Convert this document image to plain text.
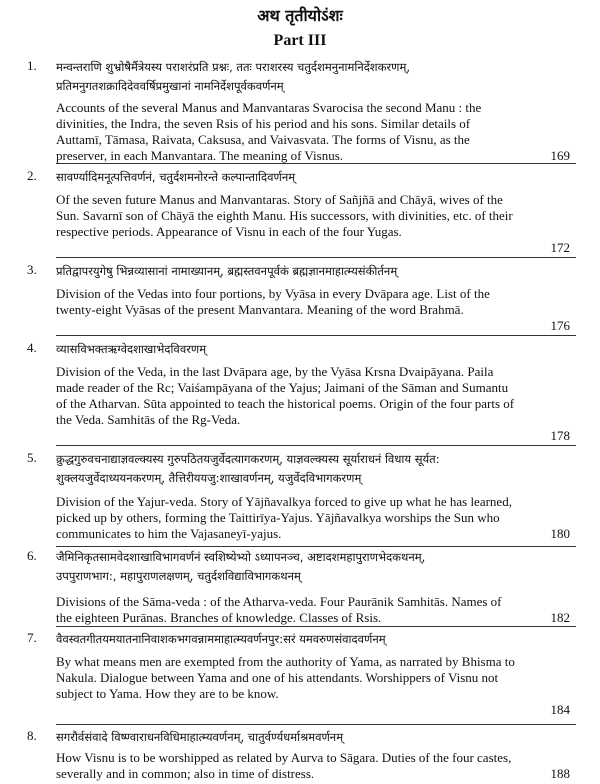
अथ तृतीयोऽंशः
Part III
1. मन्वन्तराणि शुभ्रोषैर्मैत्रेयस्य पराशरंप्रति प्रश्नः, ततः पराशरस्य चतुर्दशमनुनामनिर्देशकरणम्,
प्रतिमनुगतशक्रादिदेववर्षिप्रमुखानां नामनिर्देशपूर्वकवर्णनम्
Accounts of the several Manus and Manvantaras Svarocisa the second Manu : the divinities, the Indra, the seven Rsis of his period and his sons. Similar details of Auttamī, Tāmasa, Raivata, Caksusa, and Vaivasvata. The forms of Visnu, as the preserver, in each Manvantara. The meaning of Visnus.	169
2. सावर्ण्यादिमनूत्पत्तिवर्णनं, चतुर्दशमनोरन्ते कल्पान्तादिवर्णनम्
Of the seven future Manus and Manvantaras. Story of Sañjñā and Chāyā, wives of the Sun. Savarnī son of Chāyā the eighth Manu. His successors, with divinities, etc. of their respective periods. Appearance of Visnu in each of the four Yugas.
172
3. प्रतिद्वापरयुगेषु भिन्नव्यासानां नामाख्यानम्, ब्रह्मस्तवनपूर्वकं ब्रह्मज्ञानमाहात्म्यसंकीर्तनम्
Division of the Vedas into four portions, by Vyāsa in every Dvāpara age. List of the twenty-eight Vyāsas of the present Manvantara. Meaning of the word Brahmā.
176
4. व्यासविभक्तऋग्वेदशाखाभेदविवरणम्
Division of the Veda, in the last Dvāpara age, by the Vyāsa Krsna Dvaipāyana. Paila made reader of the Rc; Vaiśampāyana of the Yajus; Jaimani of the Sāman and Sumantu of the Atharvan. Sūta appointed to teach the historical poems. Origin of the four parts of the Veda. Samhitās of the Rg-Veda.
178
5. क्रुद्धगुरुवचनाद्याज्ञवल्क्यस्य गुरुपठितयजुर्वेदत्यागकरणम्, याज्ञवल्क्यस्य सूर्याराधनं विधाय सूर्यत:
शुक्लयजुर्वेदाध्ययनकरणम्, तैत्तिरीययजु:शाखावर्णनम्, यजुर्वेदविभागकरणम्
Division of the Yajur-veda. Story of Yājñavalkya forced to give up what he has learned, picked up by others, forming the Taittirīya-Yajus. Yājñavalkya worships the Sun who communicates to him the Vajasaneyī-yajus.	180
6. जैमिनिकृतसामवेदशाखाविभागवर्णनं स्वशिष्येभ्यो ऽध्यापनञ्च, अष्टादशमहापुराणभेदकथनम्,
उपपुराणभाग:, महापुराणलक्षणम्, चतुर्दशविद्याविभागकथनम्
Divisions of the Sāma-veda : of the Atharva-veda. Four Paurānik Samhitās. Names of the eighteen Purānas. Branches of knowledge. Classes of Rsis.	182
7. वैवस्वतगीतयमयातनानिवाशकभगवन्नाममाहात्म्यवर्णनपुर:सरं यमवरुणसंवादवर्णनम्
By what means men are exempted from the authority of Yama, as narrated by Bhisma to Nakula. Dialogue between Yama and one of his attendants. Worshippers of Visnu not subject to Yama. How they are to be know.
184
8. सगरौर्वसंवादे विष्ण्वाराधनविधिमाहात्म्यवर्णनम्, चातुर्वर्ण्यधर्माश्रमवर्णनम्
How Visnu is to be worshipped as related by Aurva to Sāgara. Duties of the four castes, severally and in common; also in time of distress.	188
